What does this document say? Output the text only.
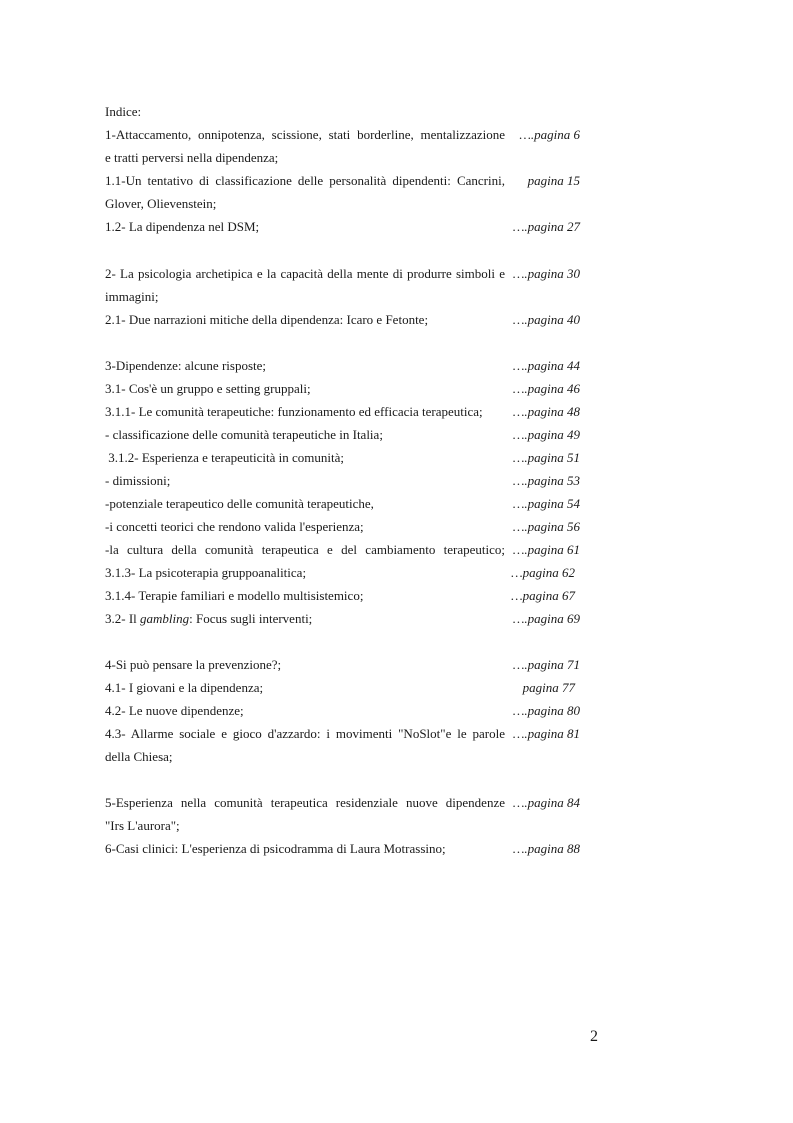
Indice:
1-Attaccamento, onnipotenza, scissione, stati borderline, mentalizzazione	….pagina 6
e tratti perversi nella dipendenza;
1.1-Un tentativo di classificazione delle personalità dipendenti: Cancrini,	pagina 15
Glover, Olievenstein;
1.2- La dipendenza nel DSM;	….pagina 27
2- La psicologia archetipica e la capacità della mente di produrre simboli e ….pagina 30
immagini;
2.1- Due narrazioni mitiche della dipendenza: Icaro e Fetonte;	….pagina 40
3-Dipendenze: alcune risposte;	….pagina 44
3.1- Cos'è un gruppo e setting gruppali;	….pagina 46
3.1.1- Le comunità terapeutiche: funzionamento ed efficacia terapeutica;	….pagina 48
- classificazione delle comunità terapeutiche in Italia;	….pagina 49
3.1.2- Esperienza e terapeuticità in comunità;	….pagina 51
- dimissioni;	….pagina 53
-potenziale terapeutico delle comunità terapeutiche,	….pagina 54
-i concetti teorici che rendono valida l'esperienza;	….pagina 56
-la cultura della comunità terapeutica e del cambiamento terapeutico; ….pagina 61
3.1.3- La psicoterapia gruppoanalitica;	…pagina 62
3.1.4- Terapie familiari e modello multisistemico;	…pagina 67
3.2- Il gambling: Focus sugli interventi;	….pagina 69
4-Si può pensare la prevenzione?;	….pagina 71
4.1- I giovani e la dipendenza;	pagina 77
4.2- Le nuove dipendenze;	….pagina 80
4.3- Allarme sociale e gioco d'azzardo: i movimenti "NoSlot"e le parole ….pagina 81
della Chiesa;
5-Esperienza nella comunità terapeutica residenziale nuove dipendenze ….pagina 84
"Irs L'aurora";
6-Casi clinici: L'esperienza di psicodramma di Laura Motrassino;	….pagina 88
2
